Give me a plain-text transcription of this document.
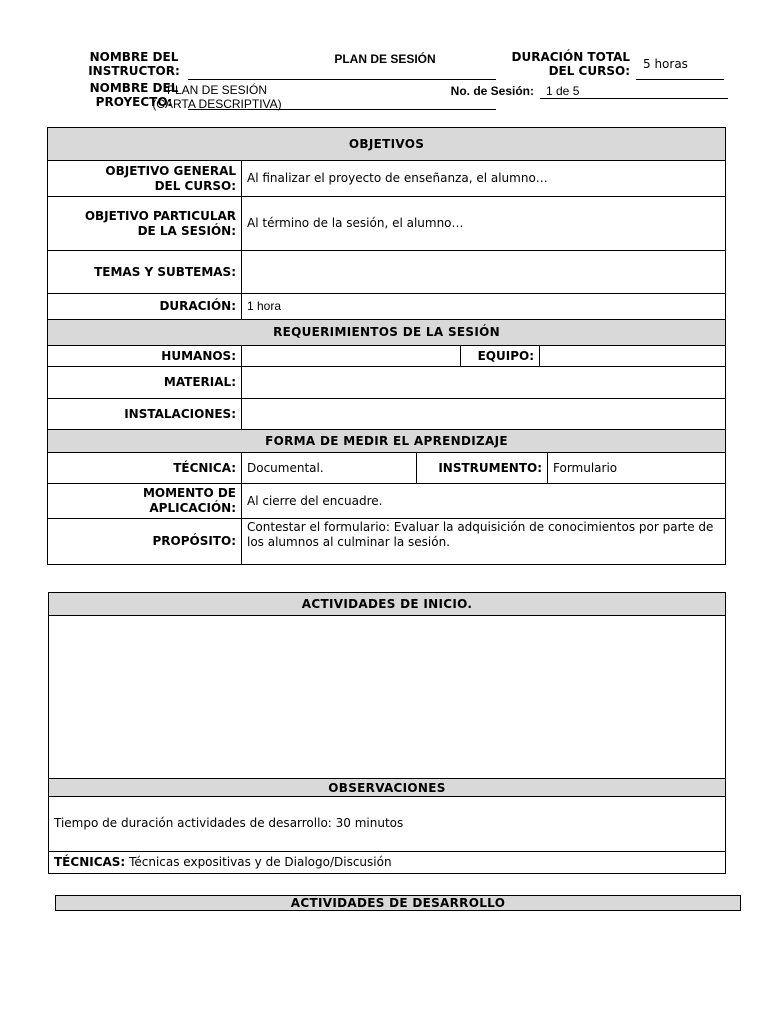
NOMBRE DEL
INSTRUCTOR:
NOMBRE DEL
PROYECTO:
PLAN DE SESIÓN
PLAN DE SESIÓN
(CARTA DESCRIPTIVA)
DURACIÓN TOTAL
DEL CURSO: 5 horas
No. de Sesión: 1 de 5
OBJETIVOS					

OBJETIVO GENERAL
DEL CURSO:	Al finalizar el proyecto de enseñanza, el alumno…				

OBJETIVO PARTICULAR
DE LA SESIÓN:	Al término de la sesión, el alumno…				
TEMAS Y SUBTEMAS:					
DURACIÓN:	1 hora				
REQUERIMIENTOS DE LA SESIÓN					
HUMANOS:			EQUIPO:		
MATERIAL:					
INSTALACIONES:					
FORMA DE MEDIR EL APRENDIZAJE					
TÉCNICA:	Documental.	INSTRUMENTO:			Formulario

MOMENTO DE
APLICACIÓN:	Al cierre del encuadre.				
PROPÓSITO:	Contestar el formulario: Evaluar la adquisición de conocimientos por parte de los alumnos al culminar la sesión.				
ACTIVIDADES DE INICIO.

OBSERVACIONES
Tiempo de duración actividades de desarrollo: 30 minutos
TÉCNICAS: Técnicas expositivas y de Dialogo/Discusión
ACTIVIDADES DE DESARROLLO
